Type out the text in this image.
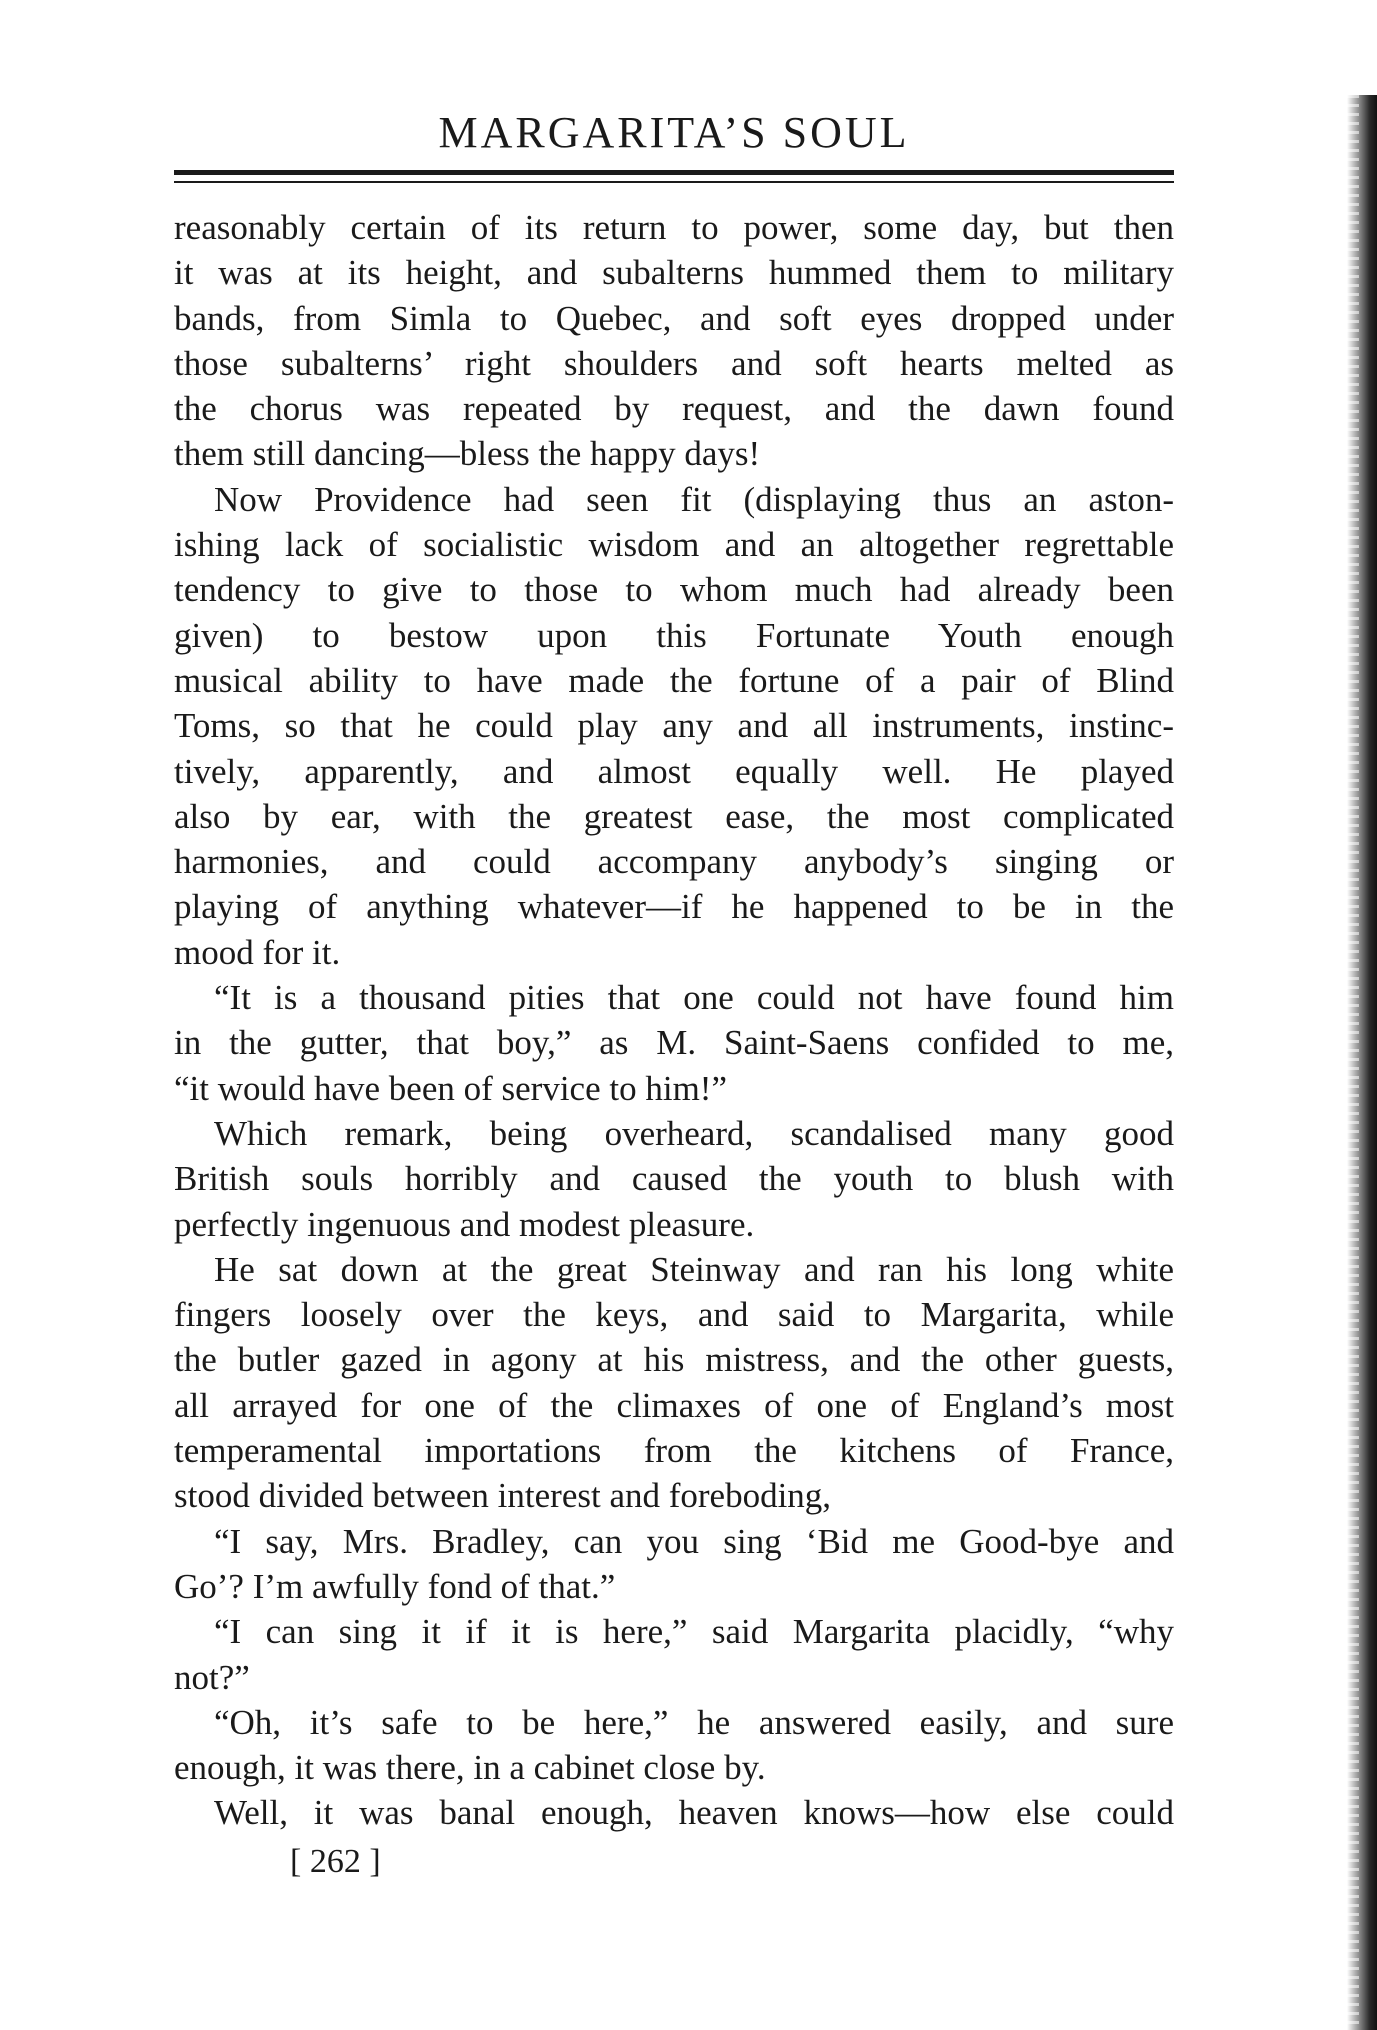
MARGARITA’S SOUL
reasonably certain of its return to power, some day, but then
it was at its height, and subalterns hummed them to military
bands, from Simla to Quebec, and soft eyes dropped under
those subalterns’ right shoulders and soft hearts melted as
the chorus was repeated by request, and the dawn found
them still dancing—bless the happy days!
Now Providence had seen fit (displaying thus an aston-
ishing lack of socialistic wisdom and an altogether regrettable
tendency to give to those to whom much had already been
given) to bestow upon this Fortunate Youth enough
musical ability to have made the fortune of a pair of Blind
Toms, so that he could play any and all instruments, instinc-
tively, apparently, and almost equally well. He played
also by ear, with the greatest ease, the most complicated
harmonies, and could accompany anybody’s singing or
playing of anything whatever—if he happened to be in the
mood for it.
“It is a thousand pities that one could not have found him
in the gutter, that boy,” as M. Saint-Saens confided to me,
“it would have been of service to him!”
Which remark, being overheard, scandalised many good
British souls horribly and caused the youth to blush with
perfectly ingenuous and modest pleasure.
He sat down at the great Steinway and ran his long white
fingers loosely over the keys, and said to Margarita, while
the butler gazed in agony at his mistress, and the other guests,
all arrayed for one of the climaxes of one of England’s most
temperamental importations from the kitchens of France,
stood divided between interest and foreboding,
“I say, Mrs. Bradley, can you sing ‘Bid me Good-bye and
Go’? I’m awfully fond of that.”
“I can sing it if it is here,” said Margarita placidly, “why
not?”
“Oh, it’s safe to be here,” he answered easily, and sure
enough, it was there, in a cabinet close by.
Well, it was banal enough, heaven knows—how else could
[ 262 ]
